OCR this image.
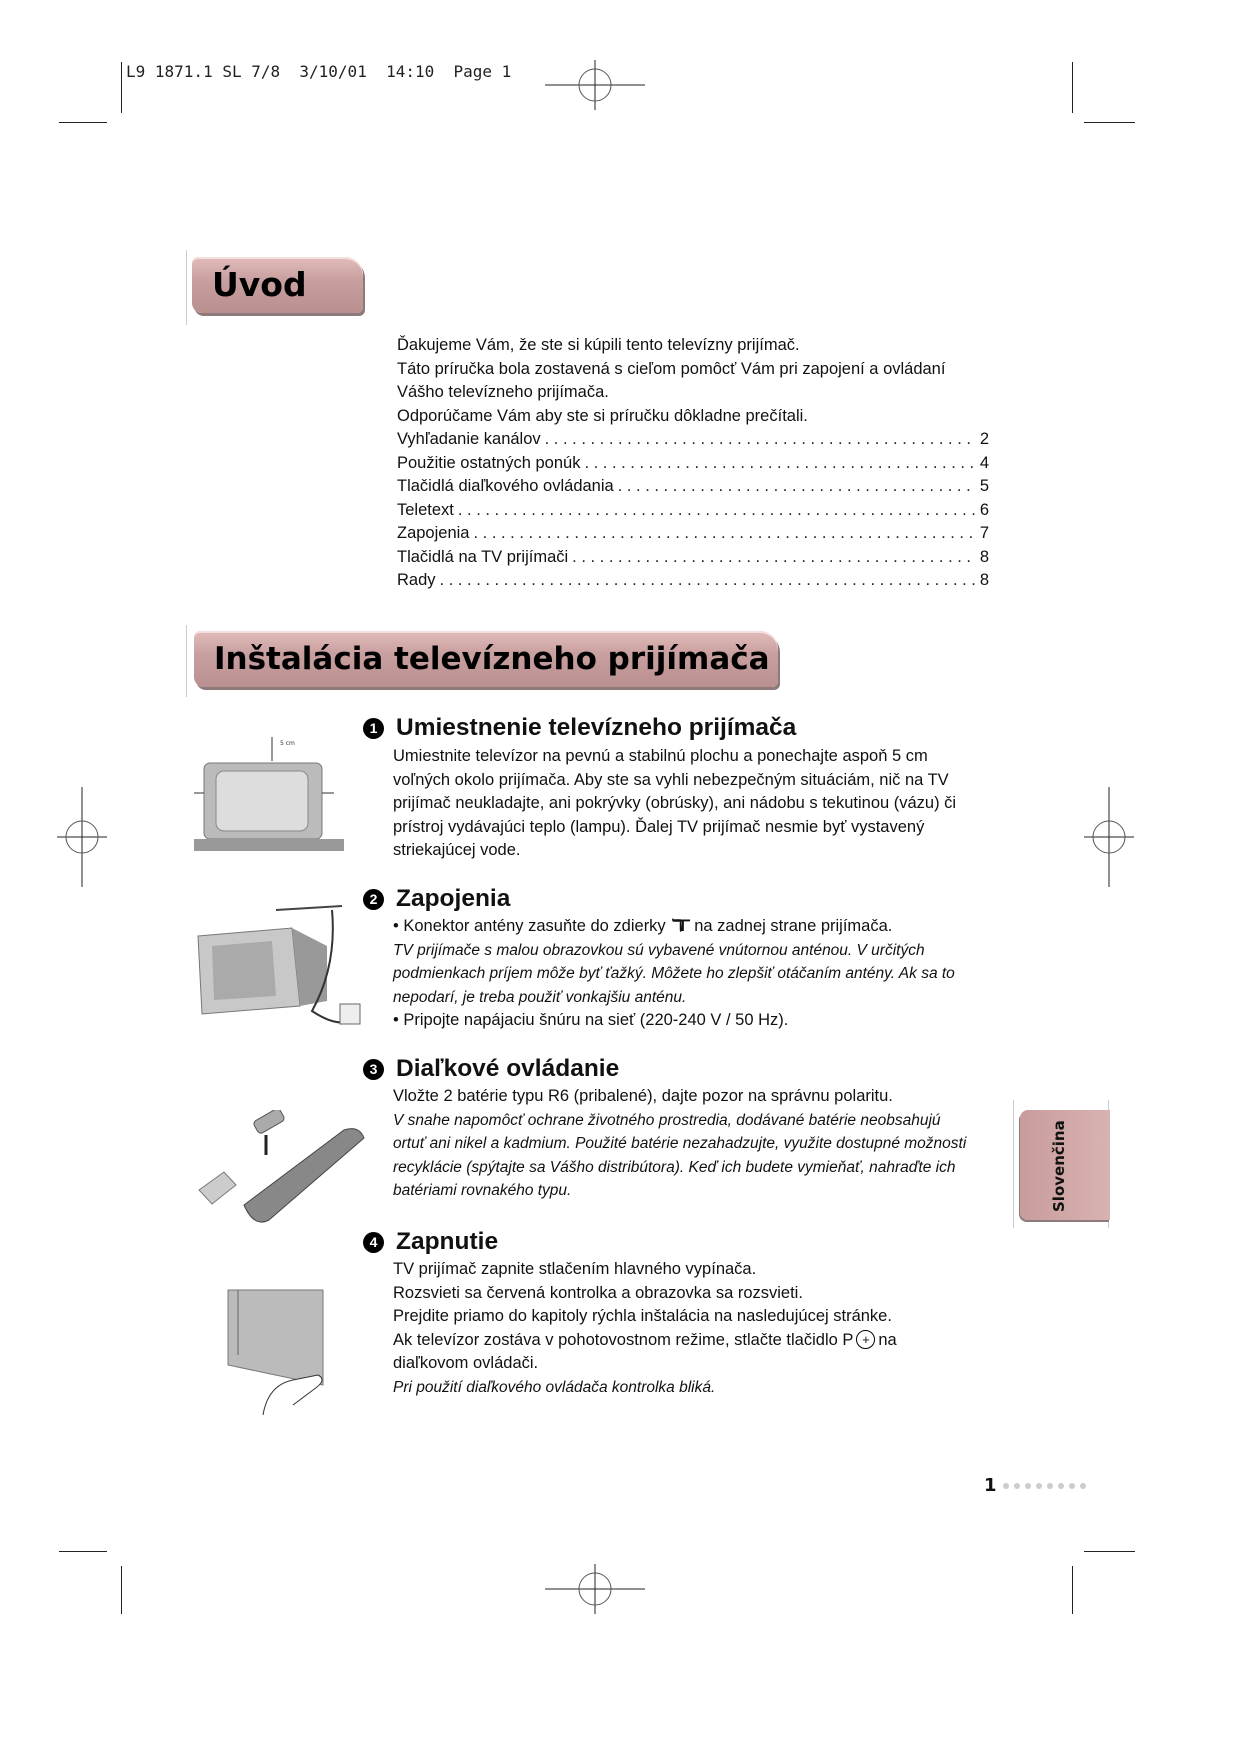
L9 1871.1 SL 7/8  3/10/01  14:10  Page 1
Úvod
Ďakujeme Vám, že ste si kúpili tento televízny prijímač.
Táto príručka bola zostavená s cieľom pomôcť Vám pri zapojení a ovládaní
Vášho televízneho prijímača.
Odporúčame Vám aby ste si príručku dôkladne prečítali.
Vyhľadanie kanálov . . .	2
Použitie ostatných ponúk . . .	4
Tlačidlá diaľkového ovládania . . .	5
Teletext . . .	6
Zapojenia . . .	7
Tlačidlá na TV prijímači . . .	8
Rady . . .	8
Inštalácia televízneho prijímača
5 cm
1 Umiestnenie televízneho prijímača
Umiestnite televízor na pevnú a stabilnú plochu a ponechajte aspoň 5 cm
voľných okolo prijímača. Aby ste sa vyhli nebezpečným situáciám, nič na TV
prijímač neukladajte, ani pokrývky (obrúsky), ani nádobu s tekutinou (vázu) či
prístroj vydávajúci teplo (lampu). Ďalej TV prijímač nesmie byť vystavený
striekajúcej vode.
2 Zapojenia
• Konektor antény zasuňte do zdierky ℸΓ na zadnej strane prijímača.
TV prijímače s malou obrazovkou sú vybavené vnútornou anténou. V určitých
podmienkach príjem môže byť ťažký. Môžete ho zlepšiť otáčaním antény. Ak sa to
nepodarí, je treba použiť vonkajšiu anténu.
• Pripojte napájaciu šnúru na sieť (220-240 V / 50 Hz).
3 Diaľkové ovládanie
Vložte 2 batérie typu R6 (pribalené), dajte pozor na správnu polaritu.
V snahe napomôcť ochrane životného prostredia, dodávané batérie neobsahujú
ortuť ani nikel a kadmium. Použité batérie nezahadzujte, využite dostupné možnosti
recyklácie (spýtajte sa Vášho distribútora). Keď ich budete vymieňať, nahraďte ich
batériami rovnakého typu.
4 Zapnutie
TV prijímač zapnite stlačením hlavného vypínača.
Rozsvieti sa červená kontrolka a obrazovka sa rozsvieti.
Prejdite priamo do kapitoly rýchla inštalácia na nasledujúcej stránke.
Ak televízor zostáva v pohotovostnom režime, stlačte tlačidlo P + na
diaľkovom ovládači.
Pri použití diaľkového ovládača kontrolka bliká.
Slovenčina
1
